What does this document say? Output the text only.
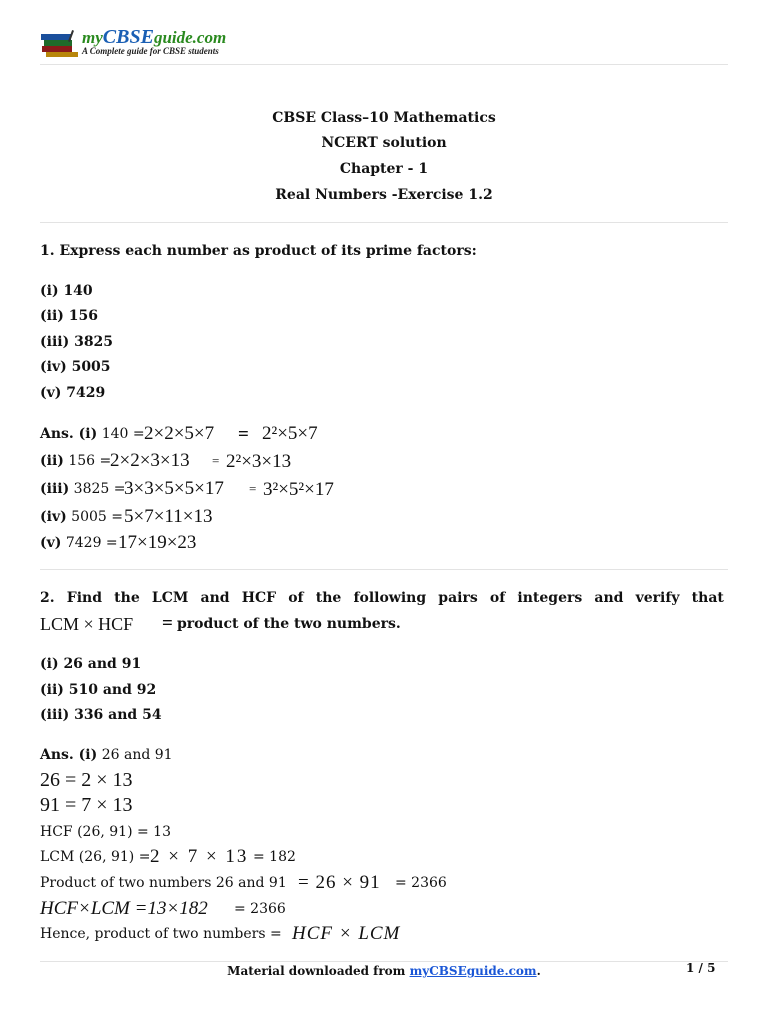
myCBSEguide.com
A Complete guide for CBSE students
CBSE Class–10 Mathematics
NCERT solution
Chapter - 1
Real Numbers -Exercise 1.2
1. Express each number as product of its prime factors:
(i) 140
(ii) 156
(iii) 3825
(iv) 5005
(v) 7429
Ans. (i) 140 = 2×2×5×7 = 2²×5×7
(ii) 156 =
2×2×3×13 = 2²×3×13
(iii) 3825 =
3×3×5×5×17 = 3²×5²×17
(iv) 5005 = 5×7×11×13
(v) 7429 = 17×19×23
2. Find the LCM and HCF of the following pairs of integers and verify that
LCM × HCF = product of the two numbers.
(i) 26 and 91
(ii) 510 and 92
(iii) 336 and 54
Ans. (i) 26 and 91
26 = 2 × 13
91 = 7 × 13
HCF (26, 91) = 13
LCM (26, 91) = 2 × 7 × 13 = 182
Product of two numbers 26 and 91 = 26 × 91 = 2366
HCF×LCM =13×182 = 2366
Hence, product of two numbers = HCF × LCM
Material downloaded from myCBSEguide.com.	1 / 5
